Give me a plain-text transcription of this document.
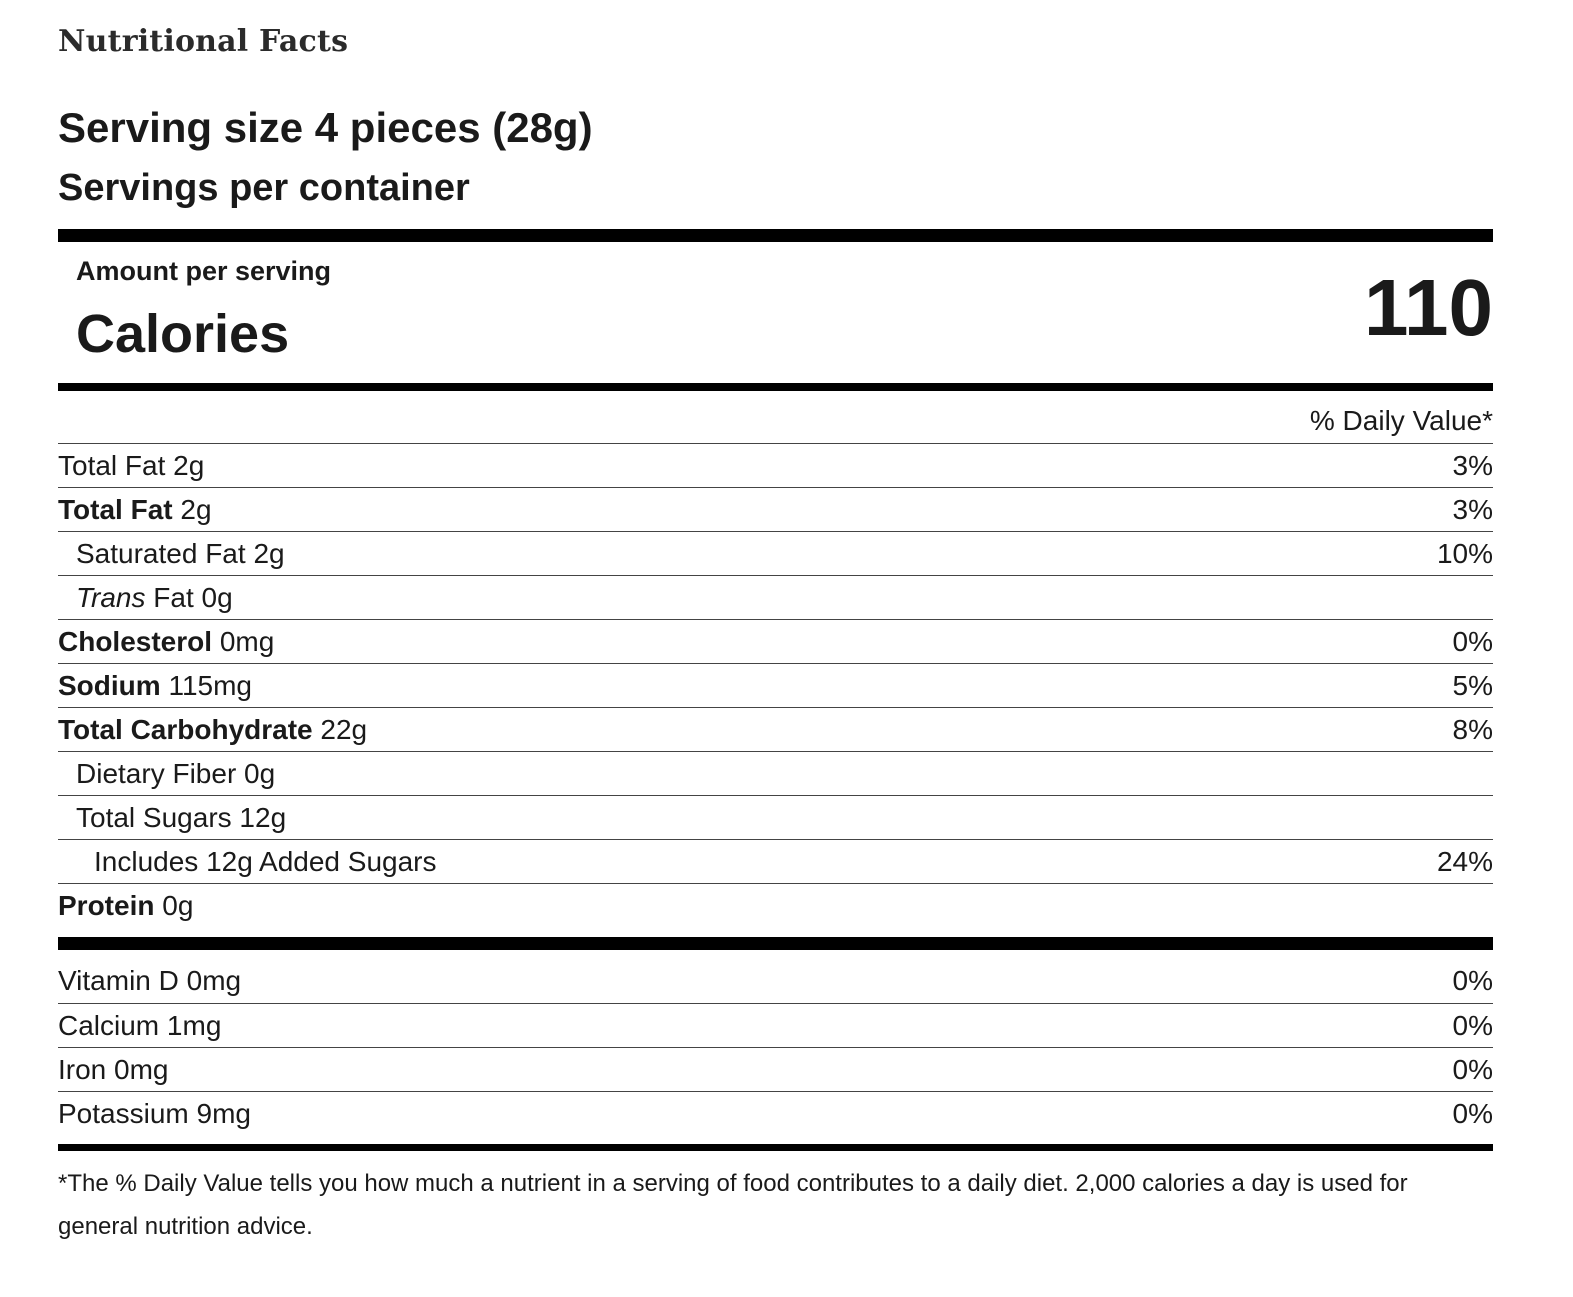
Nutritional Facts
Serving size 4 pieces (28g)
Servings per container
Amount per serving
Calories	110
% Daily Value*
Total Fat 2g	3%
Total Fat 2g	3%
Saturated Fat 2g	10%
Trans Fat 0g
Cholesterol 0mg	0%
Sodium 115mg	5%
Total Carbohydrate 22g	8%
Dietary Fiber 0g
Total Sugars 12g
Includes 12g Added Sugars	24%
Protein 0g
Vitamin D 0mg	0%
Calcium 1mg	0%
Iron 0mg	0%
Potassium 9mg	0%
*The % Daily Value tells you how much a nutrient in a serving of food contributes to a daily diet. 2,000 calories a day is used for general nutrition advice.
